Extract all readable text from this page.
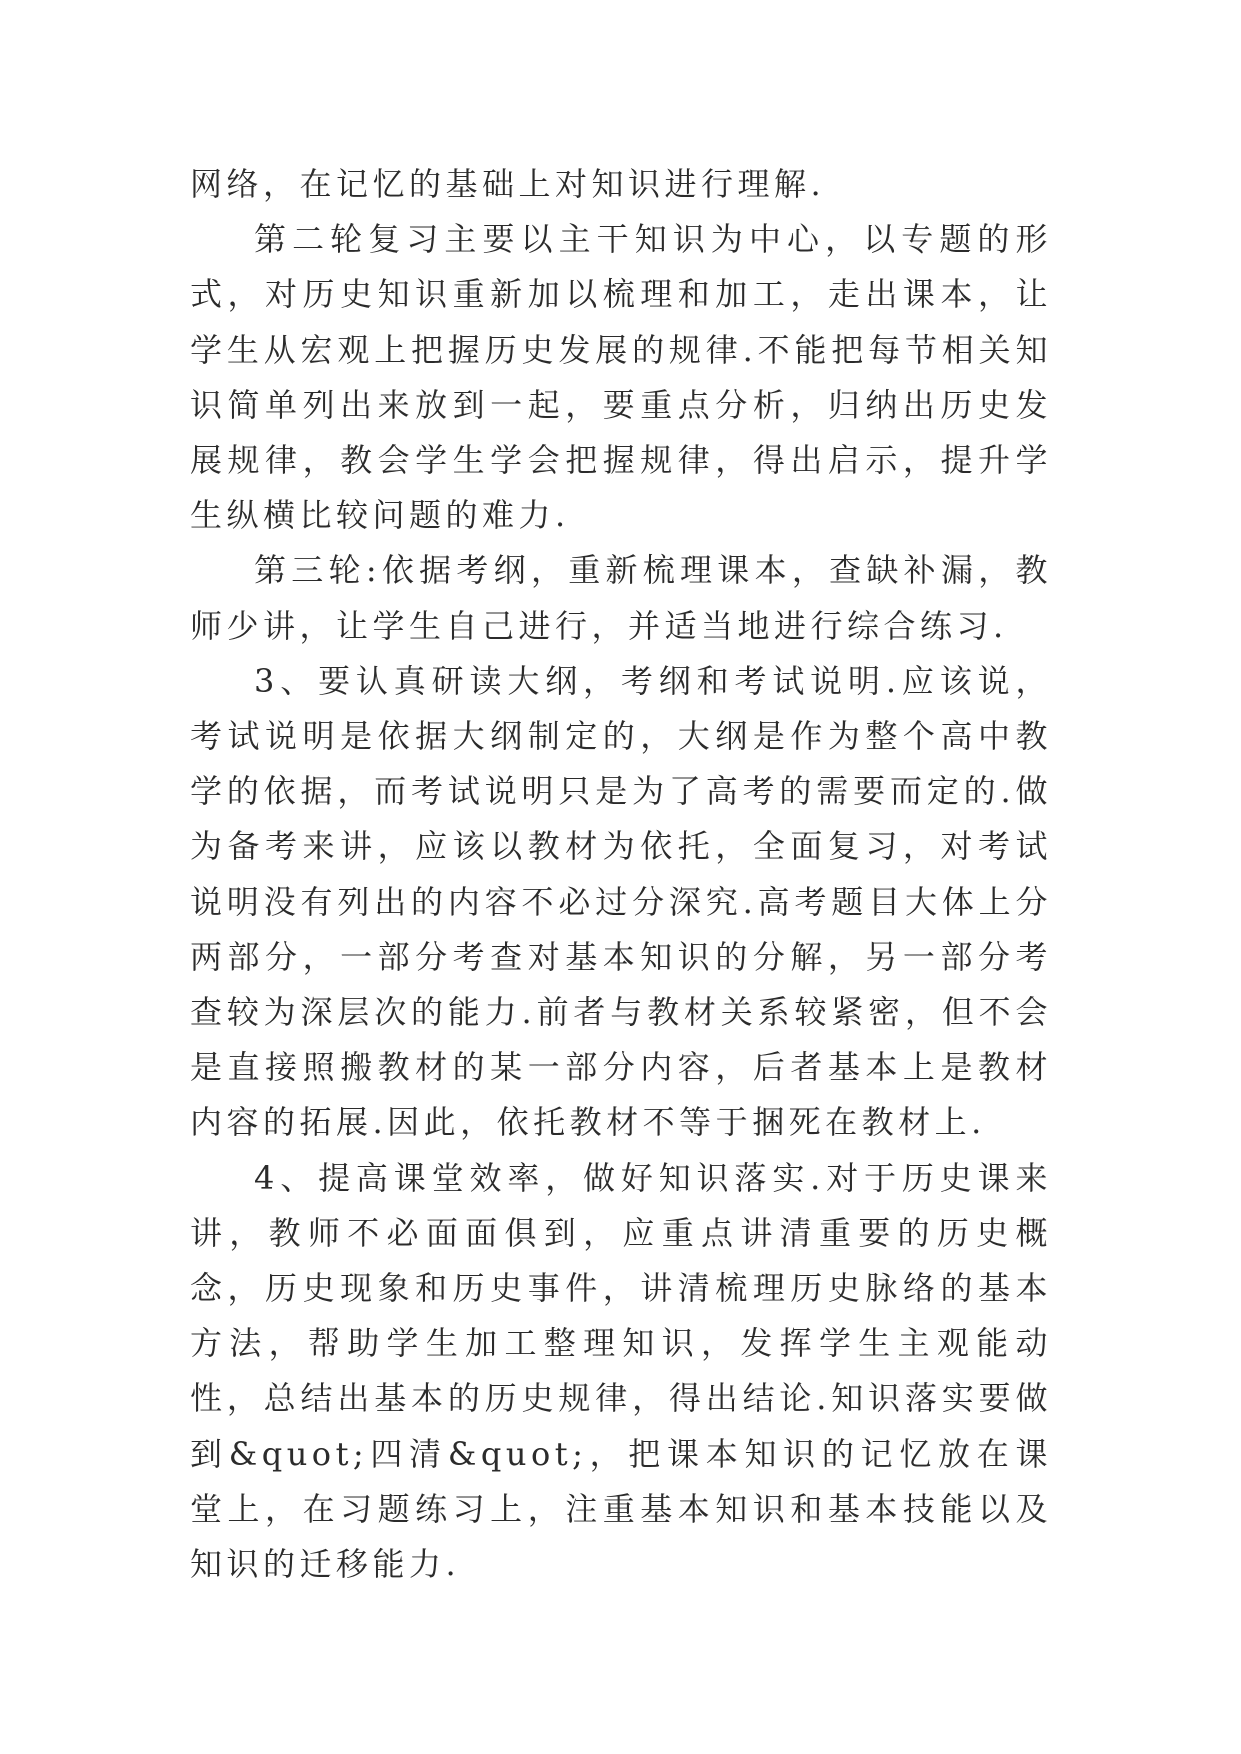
网络，在记忆的基础上对知识进行理解.

第二轮复习主要以主干知识为中心，以专题的形式，对历史知识重新加以梳理和加工，走出课本，让学生从宏观上把握历史发展的规律.不能把每节相关知识简单列出来放到一起，要重点分析，归纳出历史发展规律，教会学生学会把握规律，得出启示，提升学生纵横比较问题的难力.

第三轮:依据考纲，重新梳理课本，查缺补漏，教师少讲，让学生自己进行，并适当地进行综合练习.

3、要认真研读大纲，考纲和考试说明.应该说，考试说明是依据大纲制定的，大纲是作为整个高中教学的依据，而考试说明只是为了高考的需要而定的.做为备考来讲，应该以教材为依托，全面复习，对考试说明没有列出的内容不必过分深究.高考题目大体上分两部分，一部分考查对基本知识的分解，另一部分考查较为深层次的能力.前者与教材关系较紧密，但不会是直接照搬教材的某一部分内容，后者基本上是教材内容的拓展.因此，依托教材不等于捆死在教材上.

4、提高课堂效率，做好知识落实.对于历史课来讲，教师不必面面俱到，应重点讲清重要的历史概念，历史现象和历史事件，讲清梳理历史脉络的基本方法，帮助学生加工整理知识，发挥学生主观能动性，总结出基本的历史规律，得出结论.知识落实要做到&quot;四清&quot;，把课本知识的记忆放在课堂上，在习题练习上，注重基本知识和基本技能以及知识的迁移能力.
